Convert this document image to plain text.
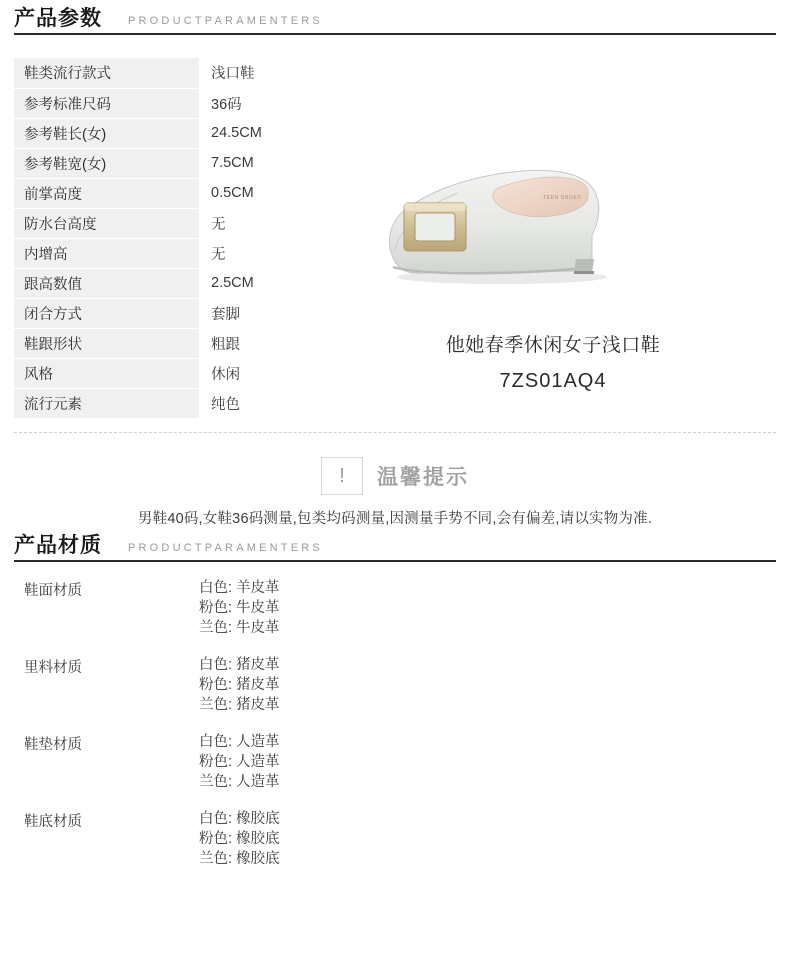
产品参数 PRODUCTPARAMENTERS
鞋类流行款式	浅口鞋
参考标准尺码	36码
参考鞋长(女)	24.5CM
参考鞋宽(女)	7.5CM
前掌高度	0.5CM
防水台高度	无
内增高	无
跟高数值	2.5CM
闭合方式	套脚
鞋跟形状	粗跟
风格	休闲
流行元素	纯色
TEEN SHOES
他她春季休闲女子浅口鞋
7ZS01AQ4
!	温馨提示
男鞋40码,女鞋36码测量,包类均码测量,因测量手势不同,会有偏差,请以实物为准.
产品材质 PRODUCTPARAMENTERS
鞋面材质	白色: 羊皮革
粉色: 牛皮革
兰色: 牛皮革
里料材质	白色: 猪皮革
粉色: 猪皮革
兰色: 猪皮革
鞋垫材质	白色: 人造革
粉色: 人造革
兰色: 人造革
鞋底材质	白色: 橡胶底
粉色: 橡胶底
兰色: 橡胶底
